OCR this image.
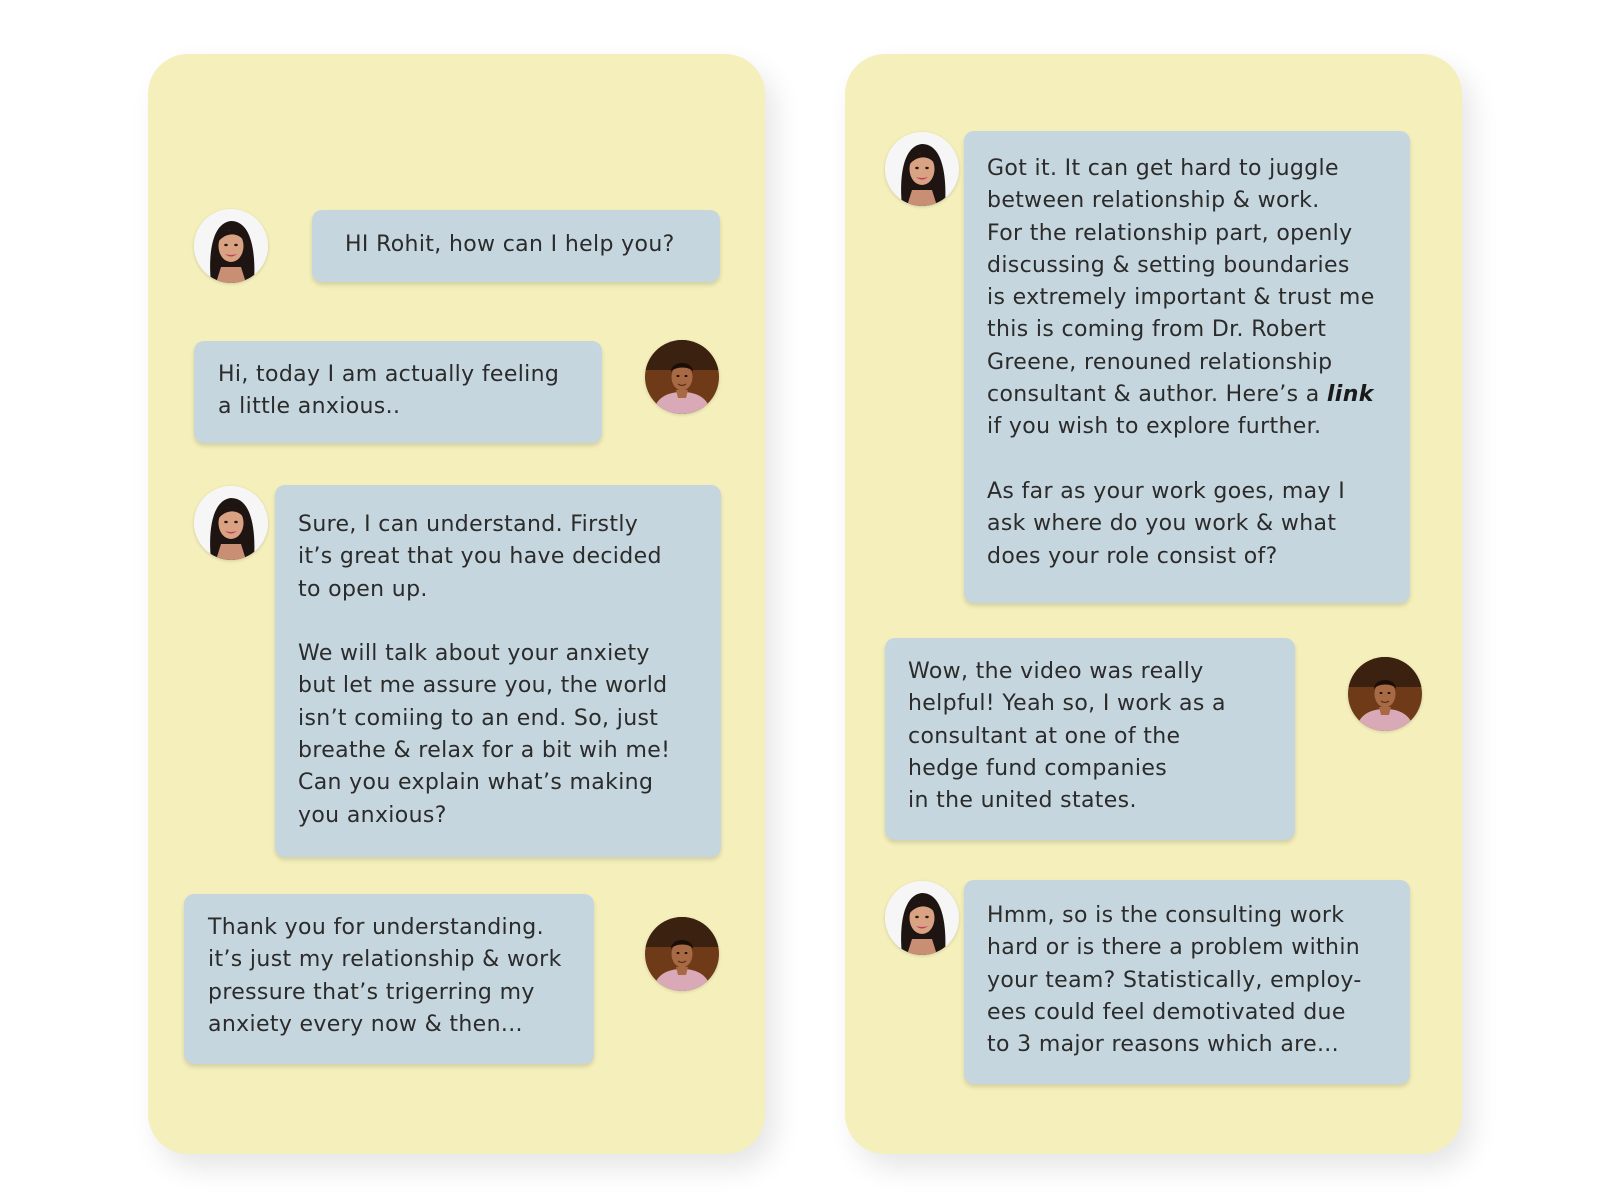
HI Rohit, how can I help you?
Hi, today I am actually feeling
a little anxious..
Sure, I can understand. Firstly
it’s great that you have decided
to open up.
We will talk about your anxiety
but let me assure you, the world
isn’t comiing to an end. So, just
breathe & relax for a bit wih me!
Can you explain what’s making
you anxious?
Thank you for understanding.
it’s just my relationship & work
pressure that’s trigerring my
anxiety every now & then...
Got it. It can get hard to juggle
between relationship & work.
For the relationship part, openly
discussing & setting boundaries
is extremely important & trust me
this is coming from Dr. Robert
Greene, renouned relationship
consultant & author. Here’s a link
if you wish to explore further.
As far as your work goes, may I
ask where do you work & what
does your role consist of?
Wow, the video was really
helpful! Yeah so, I work as a
consultant at one of the
hedge fund companies
in the united states.
Hmm, so is the consulting work
hard or is there a problem within
your team? Statistically, employ-
ees could feel demotivated due
to 3 major reasons which are...
